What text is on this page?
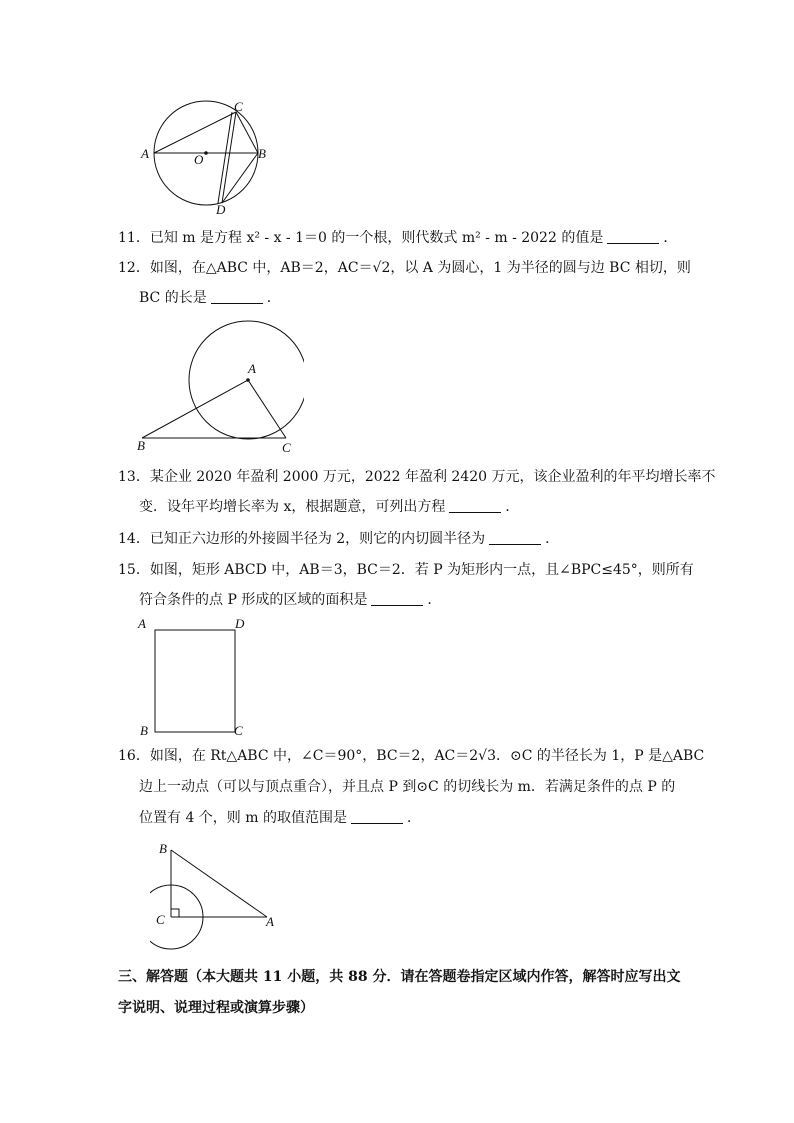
A	B
C
D
O
11．已知 m 是方程 x² - x - 1＝0 的一个根，则代数式 m² - m - 2022 的值是	．
12．如图，在△ABC 中，AB＝2，AC＝√2，以 A 为圆心，1 为半径的圆与边 BC 相切，则
BC 的长是	．
A
B	C
13．某企业 2020 年盈利 2000 万元，2022 年盈利 2420 万元，该企业盈利的年平均增长率不
变．设年平均增长率为 x，根据题意，可列出方程	．
14．已知正六边形的外接圆半径为 2，则它的内切圆半径为	．
15．如图，矩形 ABCD 中，AB＝3，BC＝2．若 P 为矩形内一点，且∠BPC≤45°，则所有
符合条件的点 P 形成的区域的面积是	．
A	D
B	C
16．如图，在 Rt△ABC 中，∠C＝90°，BC＝2，AC＝2√3．⊙C 的半径长为 1，P 是△ABC
边上一动点（可以与顶点重合），并且点 P 到⊙C 的切线长为 m．若满足条件的点 P 的
位置有 4 个，则 m 的取值范围是	．
B
C	A
三、解答题（本大题共 11 小题，共 88 分．请在答题卷指定区域内作答，解答时应写出文
字说明、说理过程或演算步骤）
